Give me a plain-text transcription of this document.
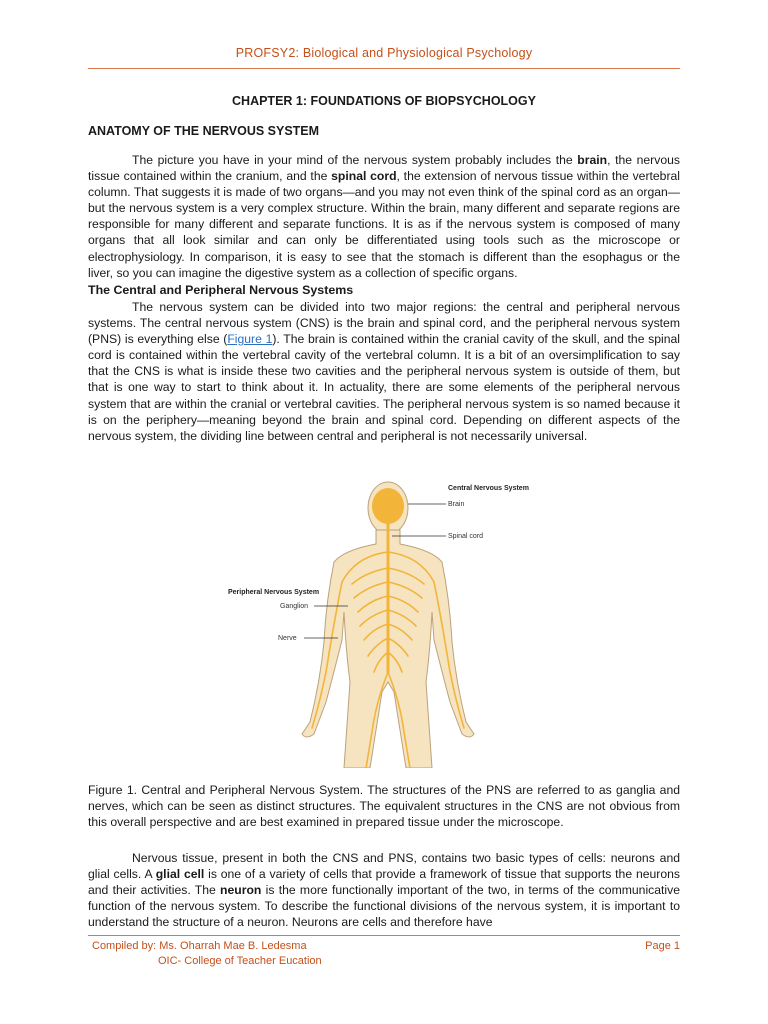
PROFSY2: Biological and Physiological Psychology
CHAPTER 1: FOUNDATIONS OF BIOPSYCHOLOGY
ANATOMY OF THE NERVOUS SYSTEM
The picture you have in your mind of the nervous system probably includes the brain, the nervous tissue contained within the cranium, and the spinal cord, the extension of nervous tissue within the vertebral column. That suggests it is made of two organs—and you may not even think of the spinal cord as an organ—but the nervous system is a very complex structure. Within the brain, many different and separate regions are responsible for many different and separate functions. It is as if the nervous system is composed of many organs that all look similar and can only be differentiated using tools such as the microscope or electrophysiology. In comparison, it is easy to see that the stomach is different than the esophagus or the liver, so you can imagine the digestive system as a collection of specific organs.
The Central and Peripheral Nervous Systems
The nervous system can be divided into two major regions: the central and peripheral nervous systems. The central nervous system (CNS) is the brain and spinal cord, and the peripheral nervous system (PNS) is everything else (Figure 1). The brain is contained within the cranial cavity of the skull, and the spinal cord is contained within the vertebral cavity of the vertebral column. It is a bit of an oversimplification to say that the CNS is what is inside these two cavities and the peripheral nervous system is outside of them, but that is one way to start to think about it. In actuality, there are some elements of the peripheral nervous system that are within the cranial or vertebral cavities. The peripheral nervous system is so named because it is on the periphery—meaning beyond the brain and spinal cord. Depending on different aspects of the nervous system, the dividing line between central and peripheral is not necessarily universal.
Central Nervous System
Brain
Spinal cord
Peripheral Nervous System
Ganglion
Nerve
Figure 1. Central and Peripheral Nervous System. The structures of the PNS are referred to as ganglia and nerves, which can be seen as distinct structures. The equivalent structures in the CNS are not obvious from this overall perspective and are best examined in prepared tissue under the microscope.
Nervous tissue, present in both the CNS and PNS, contains two basic types of cells: neurons and glial cells. A glial cell is one of a variety of cells that provide a framework of tissue that supports the neurons and their activities. The neuron is the more functionally important of the two, in terms of the communicative function of the nervous system. To describe the functional divisions of the nervous system, it is important to understand the structure of a neuron. Neurons are cells and therefore have
Compiled by: Ms. Oharrah Mae B. Ledesma
OIC- College of Teacher Eucation
Page 1
